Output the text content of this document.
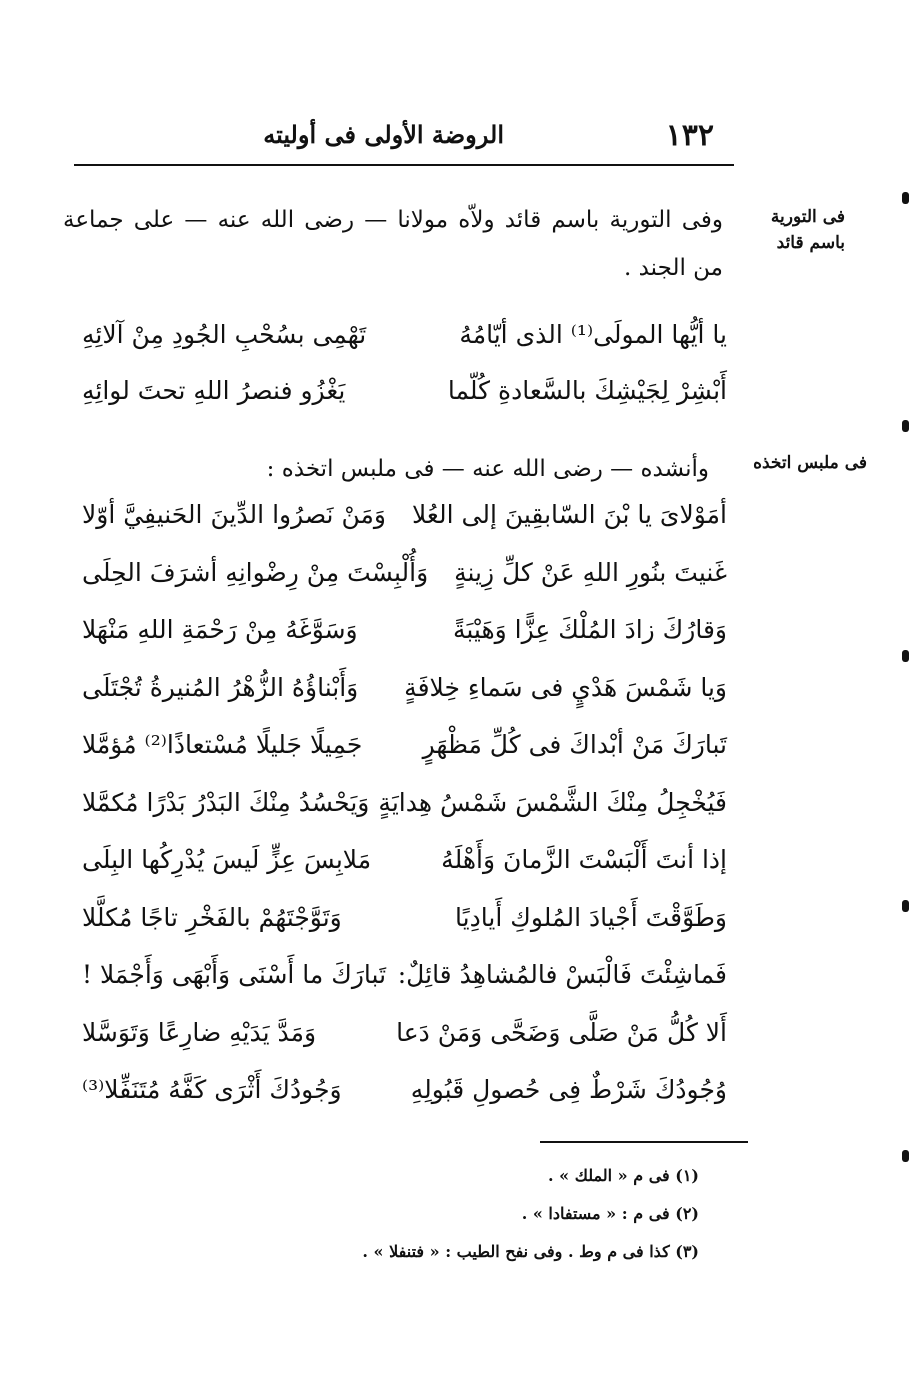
١٣٢
الروضة الأولى فى أوليته
فى التورية
باسم قائد
فى ملبس اتخذه
وفى التورية باسم قائد ولاّه مولانا — رضى الله عنه — على جماعة من الجند .
يا أيُّها المولَى⁽¹⁾ الذى أيّامُهُ
تَهْمِى بسُحْبِ الجُودِ مِنْ آلائِهِ
أَبْشِرْ لِجَيْشِكَ بالسَّعادةِ كُلّما
يَغْزُو فنصرُ اللهِ تحتَ لوائِهِ
وأنشده — رضى الله عنه — فى ملبس اتخذه :
أمَوْلاىَ يا بْنَ السّابقِينَ إلى العُلا
وَمَنْ نَصرُوا الدِّينَ الحَنيفِيَّ أوّلا
غَنيتَ بنُورِ اللهِ عَنْ كلِّ زِينةٍ
وَأُلْبِسْتَ مِنْ رِضْوانِهِ أشرَفَ الحِلَى
وَقارُكَ زادَ المُلْكَ عِزًّا وَهَيْبَةً
وَسَوَّغَهُ مِنْ رَحْمَةِ اللهِ مَنْهَلا
وَيا شَمْسَ هَدْيٍ فى سَماءِ خِلافَةٍ
وَأَبْناؤُهُ الزُّهْرُ المُنيرةُ تُجْتَلَى
تَبارَكَ مَنْ أبْداكَ فى كُلِّ مَظْهَرٍ
جَمِيلًا جَليلًا مُسْتعاذًا⁽²⁾ مُؤمَّلا
فَيُخْجِلُ مِنْكَ الشَّمْسَ شَمْسُ هِدايَةٍ
وَيَحْسُدُ مِنْكَ البَدْرُ بَدْرًا مُكمَّلا
إذا أنتَ أَلْبَسْتَ الزَّمانَ وَأَهْلَهُ
مَلابِسَ عِزٍّ لَيسَ يُدْرِكُها البِلَى
وَطَوَّقْتَ أَجْيادَ المُلوكِ أَيادِيًا
وَتَوَّجْتَهُمْ بالفَخْرِ تاجًا مُكلَّلا
فَماشِئْتَ فَالْبَسْ فالمُشاهِدُ قائِلٌ:
تَبارَكَ ما أَسْنَى وَأَبْهَى وَأَجْمَلا !
أَلا كُلُّ مَنْ صَلَّى وَضَحَّى وَمَنْ دَعا
وَمَدَّ يَدَيْهِ ضارِعًا وَتَوَسَّلا
وُجُودُكَ شَرْطٌ فِى حُصولِ قَبُولِهِ
وَجُودُكَ أَثْرَى كَفَّهُ مُتَنَفِّلا⁽³⁾
(١) فى م « الملك » .
(٢) فى م : « مستفادا » .
(٣) كذا فى م وط . وفى نفح الطيب : « فتنفلا » .
